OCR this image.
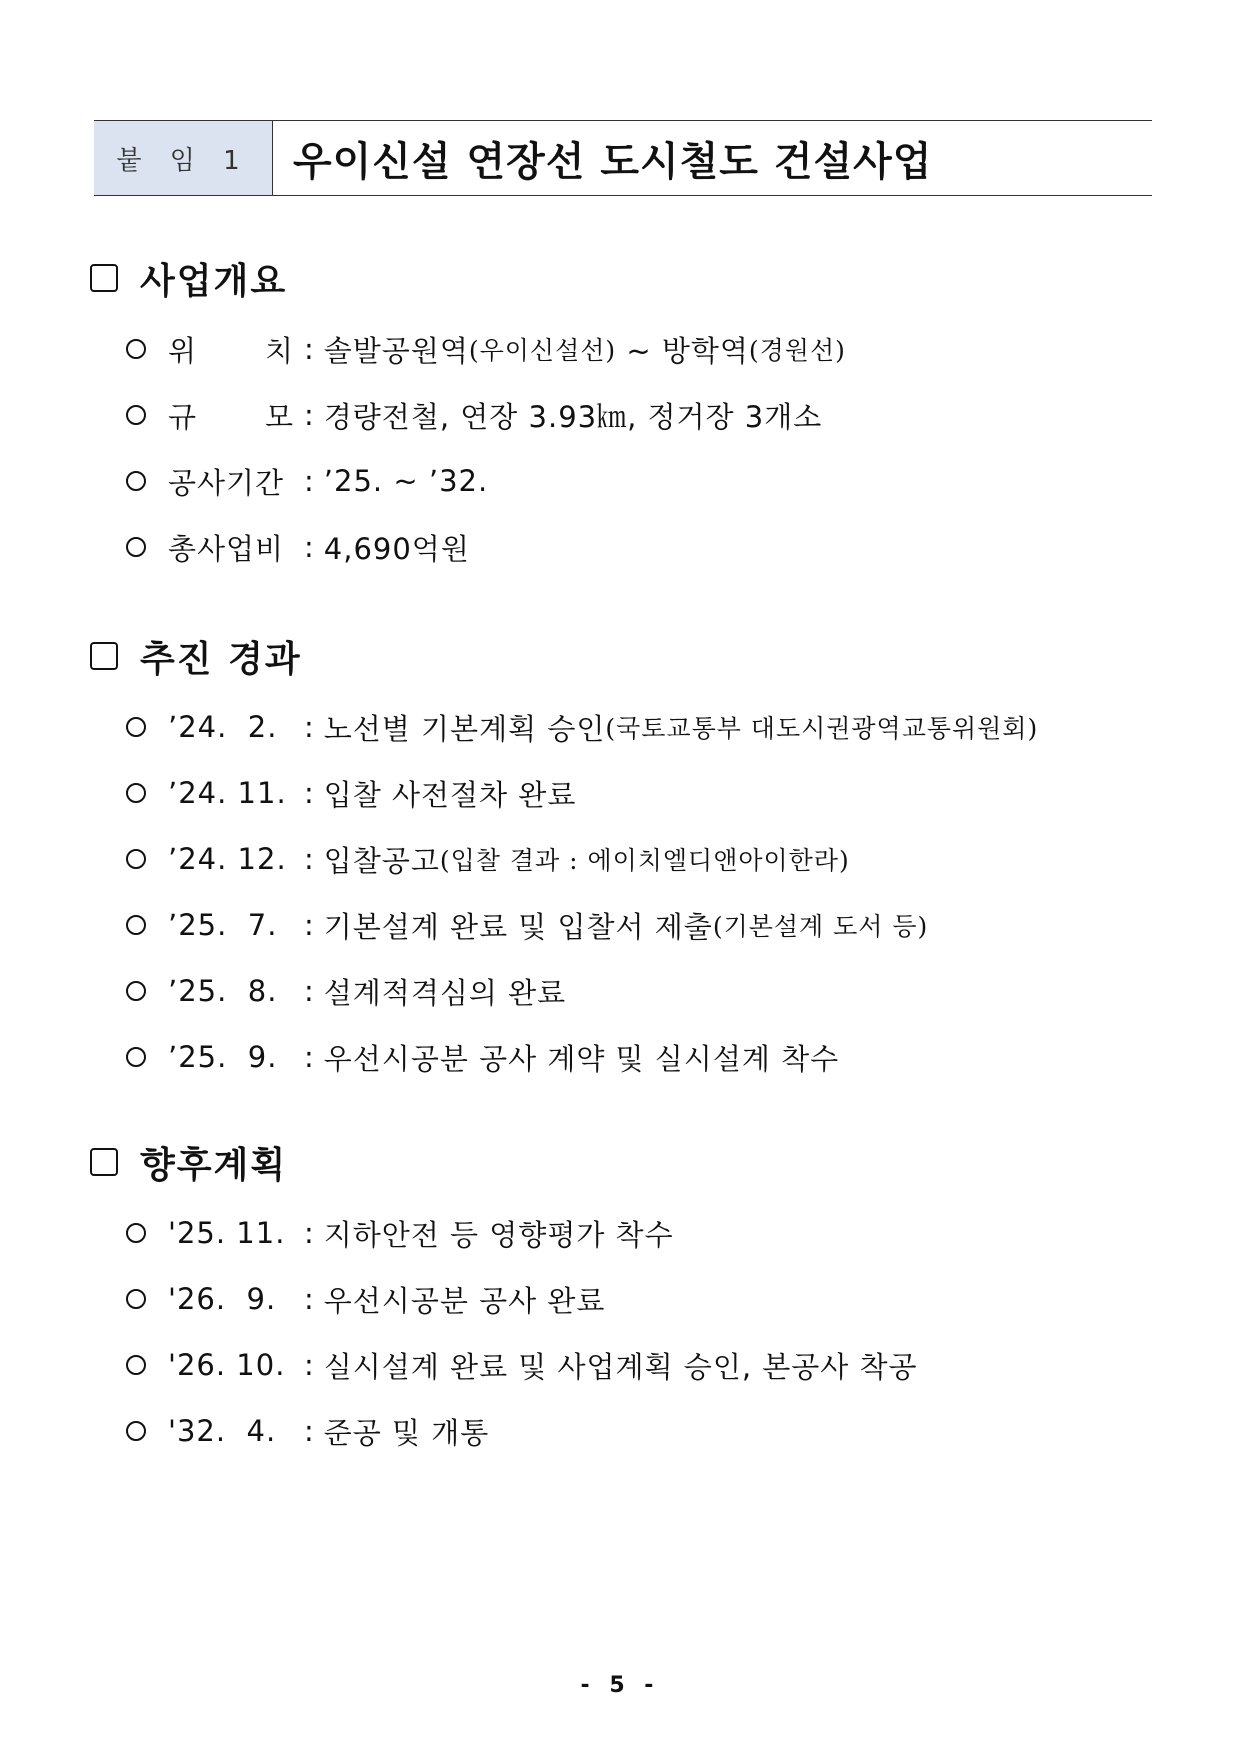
붙 임 1	우이신설 연장선 도시철도 건설사업
사업개요
위 치 : 솔발공원역 (우이신설선) ~ 방학역 (경원선)
규 모 : 경량전철, 연장 3.93㎞, 정거장 3개소
공사기간 : ’25. ~ ’32.
총사업비 : 4,690억원
추진 경과
’24.  2. : 노선별 기본계획 승인 (국토교통부 대도시권광역교통위원회)
’24. 11. : 입찰 사전절차 완료
’24. 12. : 입찰공고 (입찰 결과 : 에이치엘디앤아이한라)
’25.  7. : 기본설계 완료 및 입찰서 제출 (기본설계 도서 등)
’25.  8. : 설계적격심의 완료
’25.  9. : 우선시공분 공사 계약 및 실시설계 착수
향후계획
'25. 11. : 지하안전 등 영향평가 착수
'26.  9. : 우선시공분 공사 완료
'26. 10. : 실시설계 완료 및 사업계획 승인, 본공사 착공
'32.  4. : 준공 및 개통
- 5 -
